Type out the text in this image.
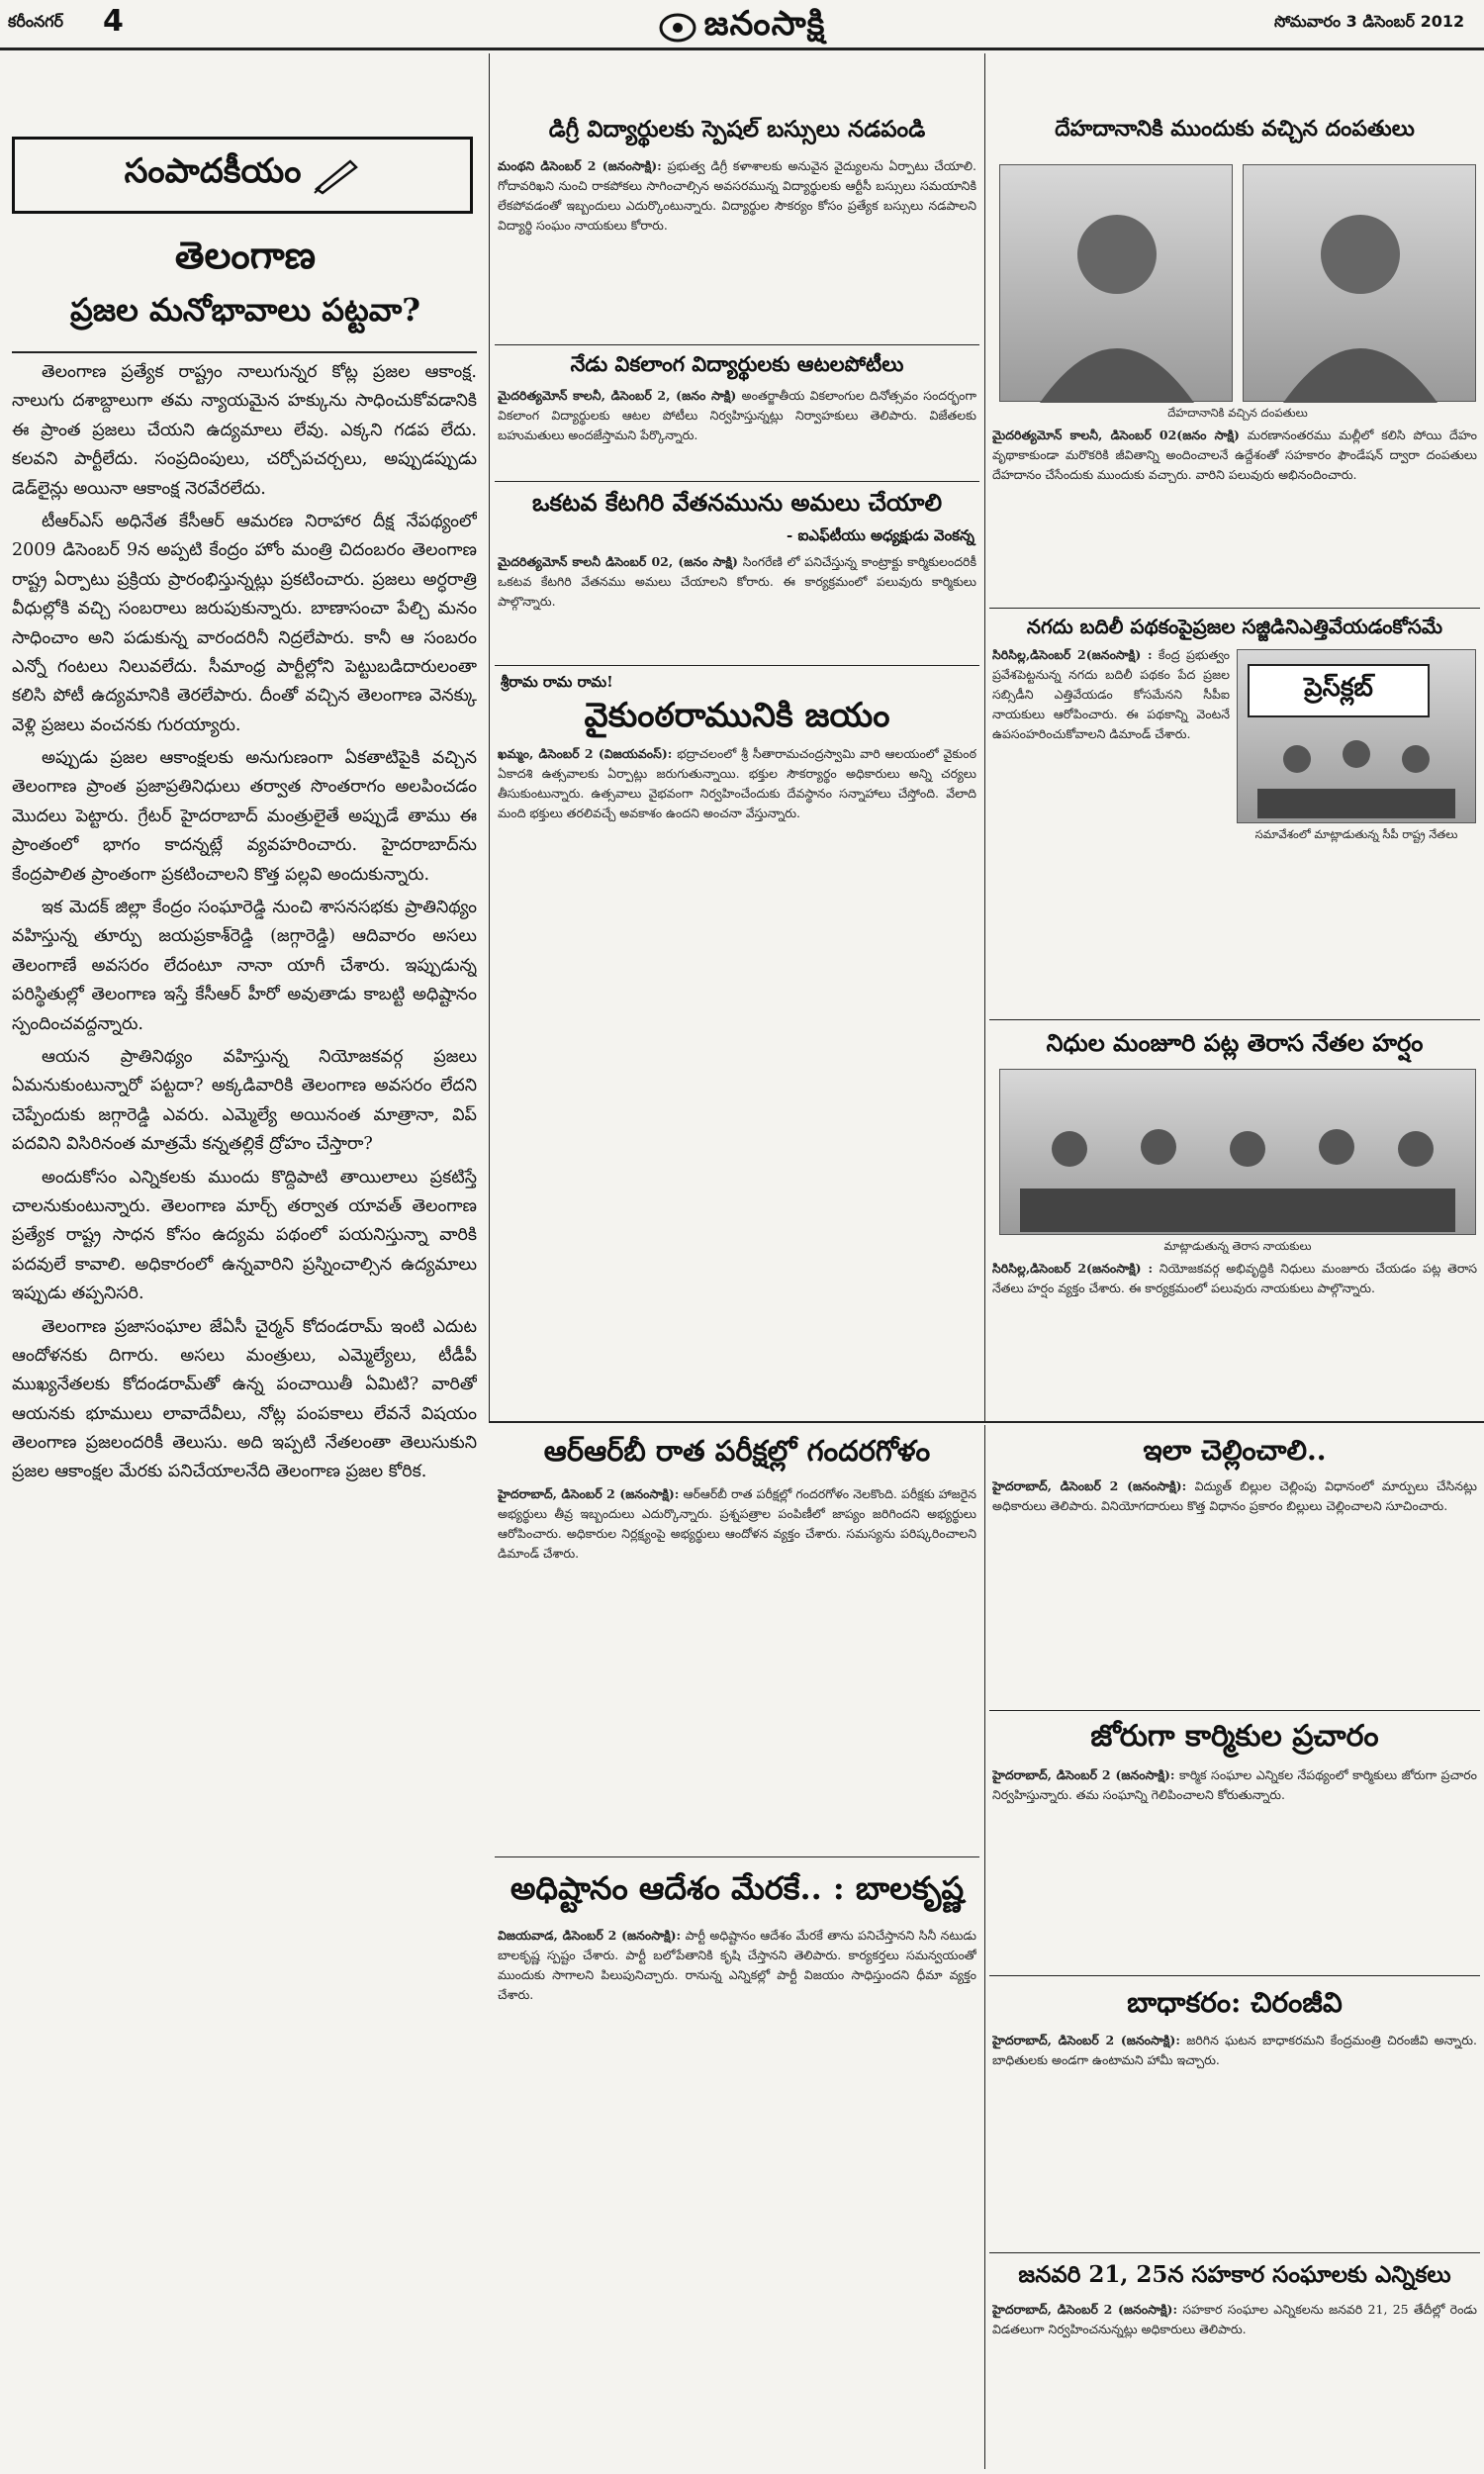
కరీంనగర్ 4	జనంసాక్షి	సోమవారం 3 డిసెంబర్ 2012
సంపాదకీయం
తెలంగాణ
ప్రజల మనోభావాలు పట్టవా?

తెలంగాణ ప్రత్యేక రాష్ట్రం నాలుగున్నర కోట్ల ప్రజల ఆకాంక్ష. నాలుగు దశాబ్దాలుగా తమ న్యాయమైన హక్కును సాధించుకోవడానికి ఈ ప్రాంత ప్రజలు చేయని ఉద్యమాలు లేవు. ఎక్కని గడప లేదు. కలవని పార్టీలేదు. సంప్రదింపులు, చర్చోపచర్చలు, అప్పుడప్పుడు డెడ్‌లైన్లు అయినా ఆకాంక్ష నెరవేరలేదు.

టీఆర్‌ఎస్ అధినేత కేసీఆర్ ఆమరణ నిరాహార దీక్ష నేపథ్యంలో 2009 డిసెంబర్ 9న అప్పటి కేంద్రం హోం మంత్రి చిదంబరం తెలంగాణ రాష్ట్ర ఏర్పాటు ప్రక్రియ ప్రారంభిస్తున్నట్లు ప్రకటించారు. ప్రజలు అర్ధరాత్రి వీధుల్లోకి వచ్చి సంబరాలు జరుపుకున్నారు. బాణాసంచా పేల్చి మనం సాధించాం అని పడుకున్న వారందరినీ నిద్రలేపారు. కానీ ఆ సంబరం ఎన్నో గంటలు నిలువలేదు. సీమాంధ్ర పార్టీల్లోని పెట్టుబడిదారులంతా కలిసి పోటీ ఉద్యమానికి తెరలేపారు. దీంతో వచ్చిన తెలంగాణ వెనక్కు వెళ్లి ప్రజలు వంచనకు గురయ్యారు.

అప్పుడు ప్రజల ఆకాంక్షలకు అనుగుణంగా ఏకతాటిపైకి వచ్చిన తెలంగాణ ప్రాంత ప్రజాప్రతినిధులు తర్వాత సొంతరాగం అలపించడం మొదలు పెట్టారు. గ్రేటర్ హైదరాబాద్ మంత్రులైతే అప్పుడే తాము ఈ ప్రాంతంలో భాగం కాదన్నట్లే వ్యవహరించారు. హైదరాబాద్‌ను కేంద్రపాలిత ప్రాంతంగా ప్రకటించాలని కొత్త పల్లవి అందుకున్నారు.

ఇక మెదక్ జిల్లా కేంద్రం సంఘారెడ్డి నుంచి శాసనసభకు ప్రాతినిథ్యం వహిస్తున్న తూర్పు జయప్రకాశ్‌రెడ్డి (జగ్గారెడ్డి) ఆదివారం అసలు తెలంగాణే అవసరం లేదంటూ నానా యాగీ చేశారు. ఇప్పుడున్న పరిస్థితుల్లో తెలంగాణ ఇస్తే కేసీఆర్ హీరో అవుతాడు కాబట్టి అధిష్టానం స్పందించవద్దన్నారు.

ఆయన ప్రాతినిథ్యం వహిస్తున్న నియోజకవర్గ ప్రజలు ఏమనుకుంటున్నారో పట్టదా? అక్కడివారికి తెలంగాణ అవసరం లేదని చెప్పేందుకు జగ్గారెడ్డి ఎవరు. ఎమ్మెల్యే అయినంత మాత్రానా, విప్ పదవిని విసిరినంత మాత్రమే కన్నతల్లికే ద్రోహం చేస్తారా?

అందుకోసం ఎన్నికలకు ముందు కొద్దిపాటి తాయిలాలు ప్రకటిస్తే చాలనుకుంటున్నారు. తెలంగాణ మార్చ్ తర్వాత యావత్ తెలంగాణ ప్రత్యేక రాష్ట్ర సాధన కోసం ఉద్యమ పథంలో పయనిస్తున్నా వారికి పదవులే కావాలి. అధికారంలో ఉన్నవారిని ప్రస్నించాల్సిన ఉద్యమాలు ఇప్పుడు తప్పనిసరి.

తెలంగాణ ప్రజాసంఘాల జేఏసీ చైర్మన్ కోదండరామ్ ఇంటి ఎదుట ఆందోళనకు దిగారు. అసలు మంత్రులు, ఎమ్మెల్యేలు, టీడీపీ ముఖ్యనేతలకు కోదండరామ్‌తో ఉన్న పంచాయితీ ఏమిటి? వారితో ఆయనకు భూములు లావాదేవీలు, నోట్ల పంపకాలు లేవనే విషయం తెలంగాణ ప్రజలందరికీ తెలుసు. అది ఇప్పటి నేతలంతా తెలుసుకుని ప్రజల ఆకాంక్షల మేరకు పనిచేయాలనేది తెలంగాణ ప్రజల కోరిక.

డిగ్రీ విద్యార్థులకు స్పెషల్ బస్సులు నడపండి
మంథని డిసెంబర్ 2 (జనంసాక్షి): ప్రభుత్వ డిగ్రీ కళాశాలకు అనువైన వైద్యులను ఏర్పాటు చేయాలి. గోదావరిఖని నుంచి రాకపోకలు సాగించాల్సిన అవసరమున్న విద్యార్థులకు ఆర్టీసీ బస్సులు సమయానికి లేకపోవడంతో ఇబ్బందులు ఎదుర్కొంటున్నారు. విద్యార్థుల సౌకర్యం కోసం ప్రత్యేక బస్సులు నడపాలని విద్యార్థి సంఘం నాయకులు కోరారు.
నేడు వికలాంగ విద్యార్థులకు ఆటలపోటీలు
మైదరిత్యమోన్ కాలనీ, డిసెంబర్ 2, (జనం సాక్షి) అంతర్జాతీయ వికలాంగుల దినోత్సవం సందర్భంగా వికలాంగ విద్యార్థులకు ఆటల పోటీలు నిర్వహిస్తున్నట్లు నిర్వాహకులు తెలిపారు. విజేతలకు బహుమతులు అందజేస్తామని పేర్కొన్నారు.
ఒకటవ కేటగిరి వేతనమును అమలు చేయాలి
- ఐఎఫ్‌టీయు అధ్యక్షుడు వెంకన్న
మైదరిత్యమోన్ కాలనీ డిసెంబర్ 02, (జనం సాక్షి) సింగరేణి లో పనిచేస్తున్న కాంట్రాక్టు కార్మికులందరికీ ఒకటవ కేటగిరి వేతనము అమలు చేయాలని కోరారు. ఈ కార్యక్రమంలో పలువురు కార్మికులు పాల్గొన్నారు.
శ్రీరామ రామ రామ!
వైకుంఠరామునికి జయం
ఖమ్మం, డిసెంబర్ 2 (విజయవంస్): భద్రాచలంలో శ్రీ సీతారామచంద్రస్వామి వారి ఆలయంలో వైకుంఠ ఏకాదశి ఉత్సవాలకు ఏర్పాట్లు జరుగుతున్నాయి. భక్తుల సౌకర్యార్థం అధికారులు అన్ని చర్యలు తీసుకుంటున్నారు. ఉత్సవాలు వైభవంగా నిర్వహించేందుకు దేవస్థానం సన్నాహాలు చేస్తోంది. వేలాది మంది భక్తులు తరలివచ్చే అవకాశం ఉందని అంచనా వేస్తున్నారు.
దేహదానానికి ముందుకు వచ్చిన దంపతులు
దేహదానానికి వచ్చిన దంపతులు
మైదరిత్యమోన్ కాలనీ, డిసెంబర్ 02(జనం సాక్షి) మరణానంతరము మల్లీలో కలిసి పోయి దేహం వృథాకాకుండా మరొకరికి జీవితాన్ని అందించాలనే ఉద్దేశంతో సహకారం ఫౌండేషన్ ద్వారా దంపతులు దేహదానం చేసేందుకు ముందుకు వచ్చారు. వారిని పలువురు అభినందించారు.
నగదు బదిలీ పథకంపైప్రజల సజ్జిడినిఎత్తివేయడంకోసమే
సిరిసిల్ల,డిసెంబర్ 2(జనంసాక్షి) : కేంద్ర ప్రభుత్వం ప్రవేశపెట్టనున్న నగదు బదిలీ పథకం పేద ప్రజల సబ్సిడీని ఎత్తివేయడం కోసమేనని సీపీఐ నాయకులు ఆరోపించారు. ఈ పథకాన్ని వెంటనే ఉపసంహరించుకోవాలని డిమాండ్ చేశారు.
ప్రెస్‌క్లబ్
సమావేశంలో మాట్లాడుతున్న సీపీ రాష్ట్ర నేతలు
నిధుల మంజూరి పట్ల తెరాస నేతల హర్షం
మాట్లాడుతున్న తెరాస నాయకులు
సిరిసిల్ల,డిసెంబర్ 2(జనంసాక్షి) : నియోజకవర్గ అభివృద్ధికి నిధులు మంజూరు చేయడం పట్ల తెరాస నేతలు హర్షం వ్యక్తం చేశారు. ఈ కార్యక్రమంలో పలువురు నాయకులు పాల్గొన్నారు.
ఆర్‌ఆర్‌బీ రాత పరీక్షల్లో గందరగోళం
హైదరాబాద్, డిసెంబర్ 2 (జనంసాక్షి): ఆర్‌ఆర్‌బీ రాత పరీక్షల్లో గందరగోళం నెలకొంది. పరీక్షకు హాజరైన అభ్యర్థులు తీవ్ర ఇబ్బందులు ఎదుర్కొన్నారు. ప్రశ్నపత్రాల పంపిణీలో జాప్యం జరిగిందని అభ్యర్థులు ఆరోపించారు. అధికారుల నిర్లక్ష్యంపై అభ్యర్థులు ఆందోళన వ్యక్తం చేశారు. సమస్యను పరిష్కరించాలని డిమాండ్ చేశారు.
అధిష్టానం ఆదేశం మేరకే.. : బాలకృష్ణ
విజయవాడ, డిసెంబర్ 2 (జనంసాక్షి): పార్టీ అధిష్టానం ఆదేశం మేరకే తాను పనిచేస్తానని సినీ నటుడు బాలకృష్ణ స్పష్టం చేశారు. పార్టీ బలోపేతానికి కృషి చేస్తానని తెలిపారు. కార్యకర్తలు సమన్వయంతో ముందుకు సాగాలని పిలుపునిచ్చారు. రానున్న ఎన్నికల్లో పార్టీ విజయం సాధిస్తుందని ధీమా వ్యక్తం చేశారు.
ఇలా చెల్లించాలి..
హైదరాబాద్, డిసెంబర్ 2 (జనంసాక్షి): విద్యుత్ బిల్లుల చెల్లింపు విధానంలో మార్పులు చేసినట్లు అధికారులు తెలిపారు. వినియోగదారులు కొత్త విధానం ప్రకారం బిల్లులు చెల్లించాలని సూచించారు.
జోరుగా కార్మికుల ప్రచారం
హైదరాబాద్, డిసెంబర్ 2 (జనంసాక్షి): కార్మిక సంఘాల ఎన్నికల నేపథ్యంలో కార్మికులు జోరుగా ప్రచారం నిర్వహిస్తున్నారు. తమ సంఘాన్ని గెలిపించాలని కోరుతున్నారు.
బాధాకరం: చిరంజీవి
హైదరాబాద్, డిసెంబర్ 2 (జనంసాక్షి): జరిగిన ఘటన బాధాకరమని కేంద్రమంత్రి చిరంజీవి అన్నారు. బాధితులకు అండగా ఉంటామని హామీ ఇచ్చారు.
జనవరి 21, 25న సహకార సంఘాలకు ఎన్నికలు
హైదరాబాద్, డిసెంబర్ 2 (జనంసాక్షి): సహకార సంఘాల ఎన్నికలను జనవరి 21, 25 తేదీల్లో రెండు విడతలుగా నిర్వహించనున్నట్లు అధికారులు తెలిపారు.
